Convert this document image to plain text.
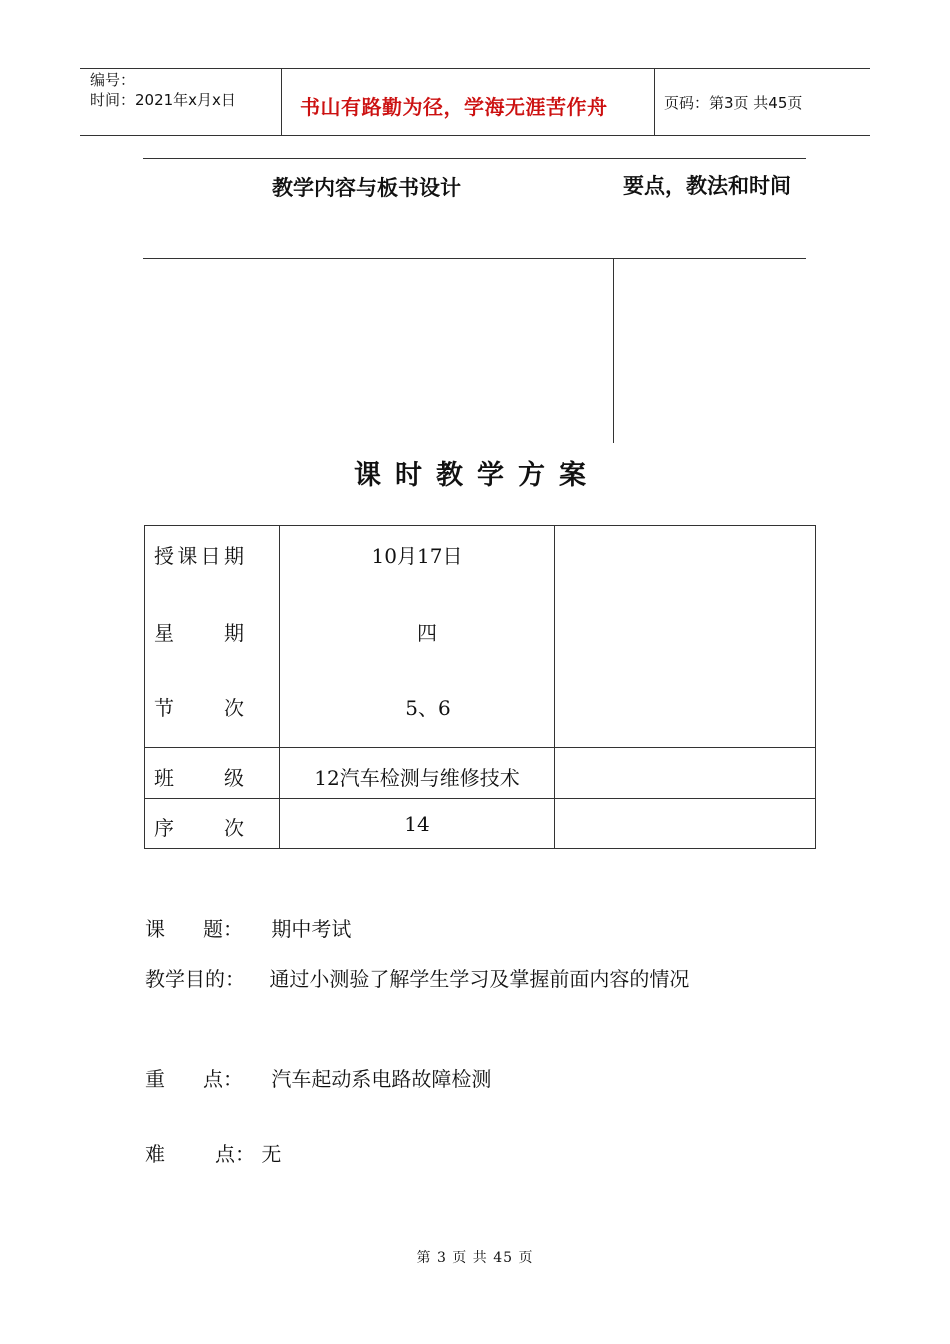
编号：
时间：2021年x月x日	书山有路勤为径，学海无涯苦作舟	页码：第3页 共45页
教学内容与板书设计	要点，教法和时间
课时教学方案
授 课 日 期	10月17日
星	期	四
节	次	5、6
班	级	12汽车检测与维修技术
序	次	14
课 题： 期中考试
教学目的： 通过小测验了解学生学习及掌握前面内容的情况
重 点： 汽车起动系电路故障检测
难	点： 无
第 3 页 共 45 页
